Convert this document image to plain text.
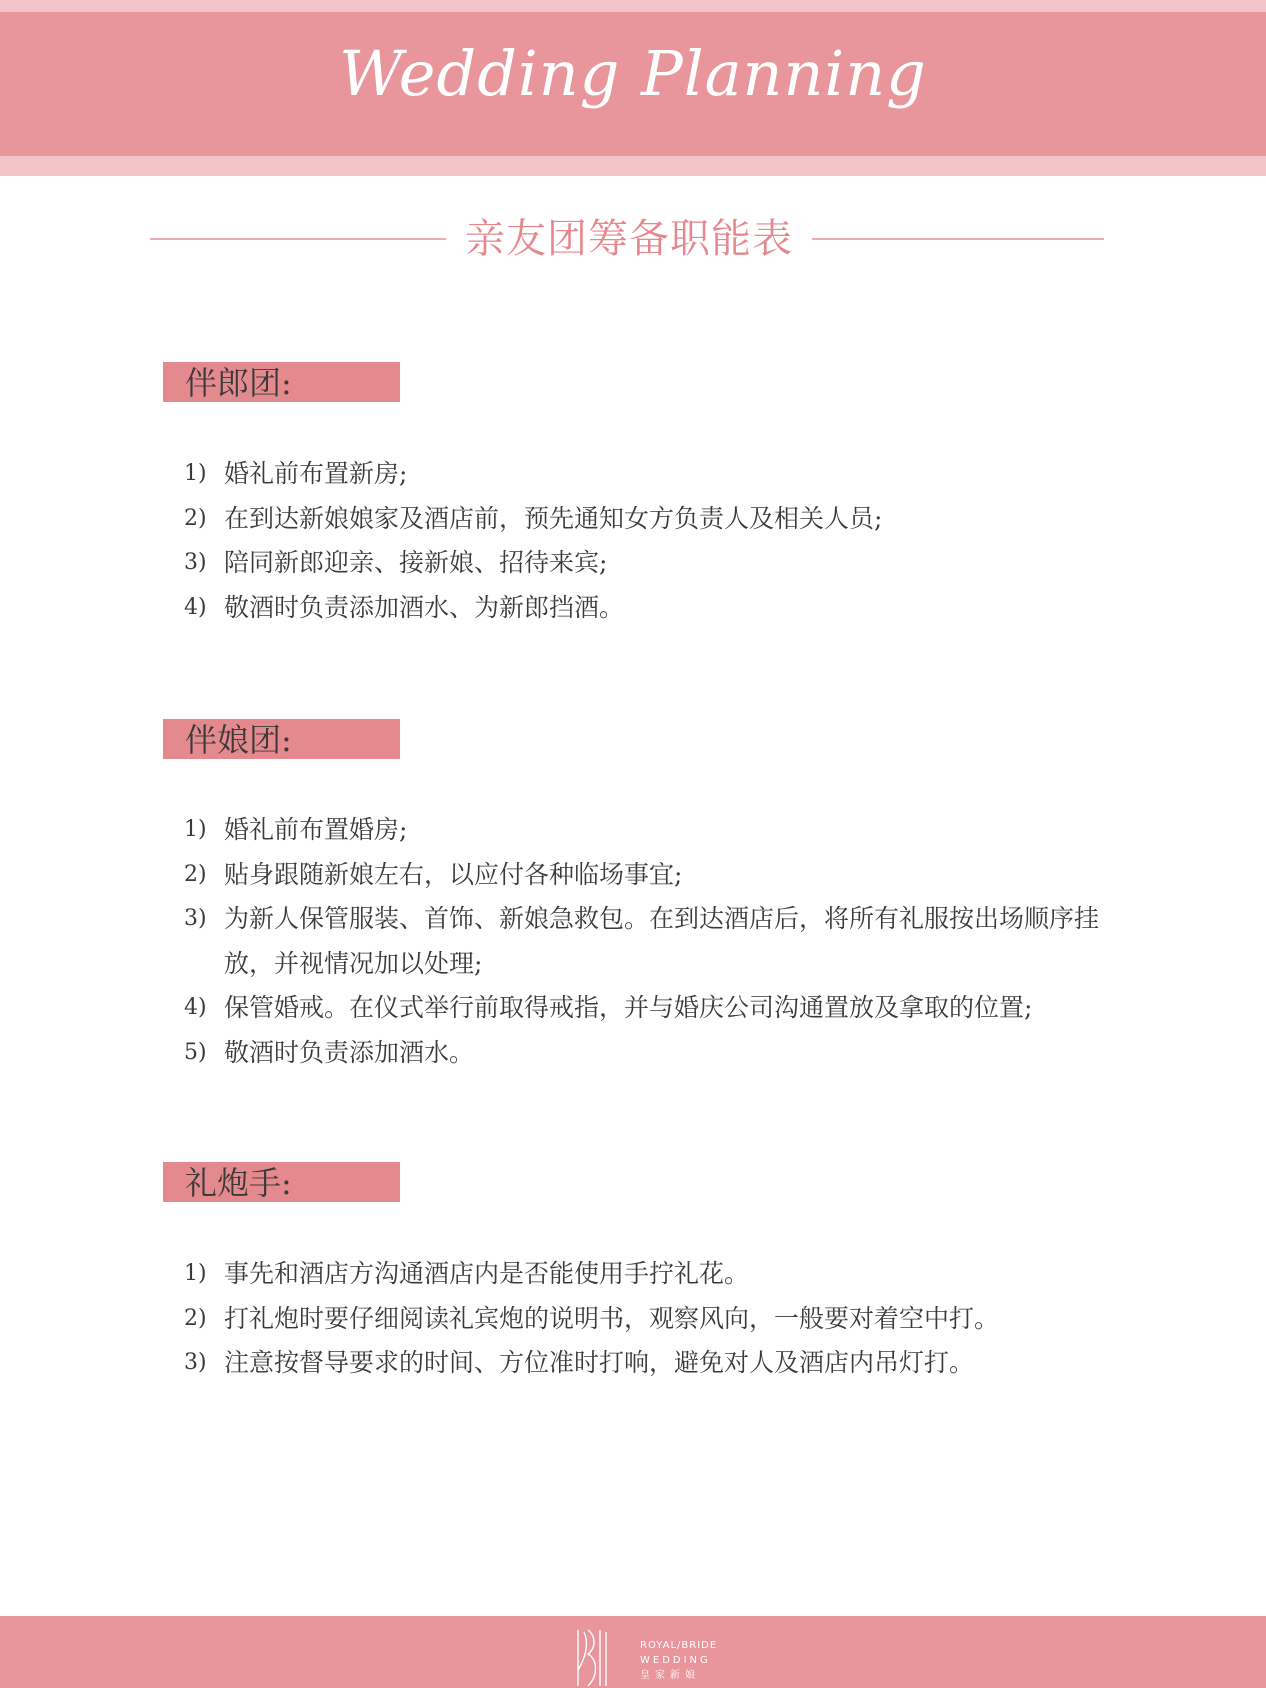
Wedding Planning
亲友团筹备职能表
伴郎团:
1) 婚礼前布置新房;
2) 在到达新娘娘家及酒店前，预先通知女方负责人及相关人员;
3) 陪同新郎迎亲、接新娘、招待来宾;
4) 敬酒时负责添加酒水、为新郎挡酒。
伴娘团:
1) 婚礼前布置婚房;
2) 贴身跟随新娘左右，以应付各种临场事宜;
3) 为新人保管服装、首饰、新娘急救包。在到达酒店后，将所有礼服按出场顺序挂放，并视情况加以处理;
4) 保管婚戒。在仪式举行前取得戒指，并与婚庆公司沟通置放及拿取的位置;
5) 敬酒时负责添加酒水。
礼炮手:
1) 事先和酒店方沟通酒店内是否能使用手拧礼花。
2) 打礼炮时要仔细阅读礼宾炮的说明书，观察风向，一般要对着空中打。
3) 注意按督导要求的时间、方位准时打响，避免对人及酒店内吊灯打。
ROYAL/BRIDE
WEDDING
皇家新娘
